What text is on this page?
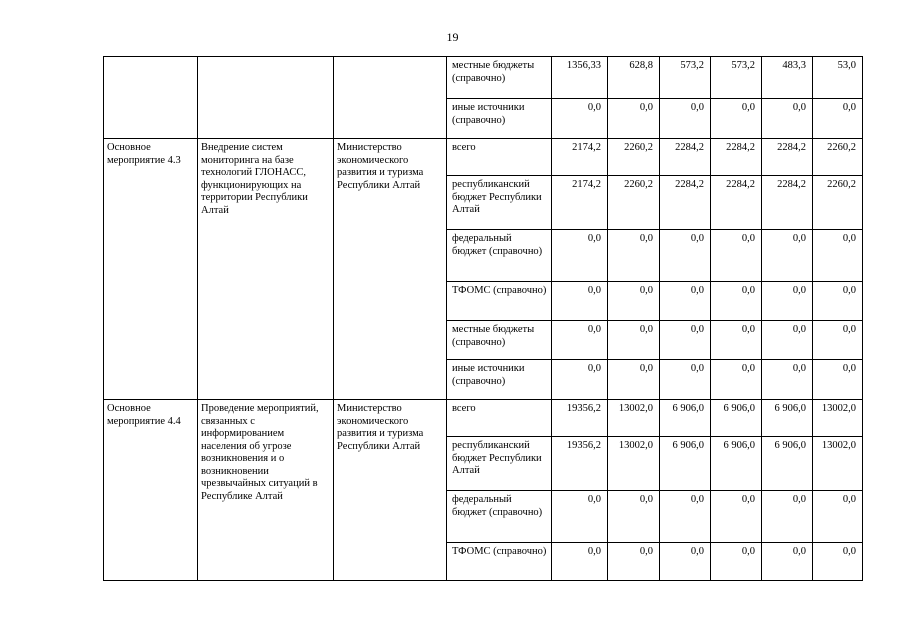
19
			местные бюджеты (справочно)	1356,33	628,8	573,2	573,2	483,3	53,0
			иные источники (справочно)	0,0	0,0	0,0	0,0	0,0	0,0
Основное мероприятие 4.3	Внедрение систем мониторинга на базе технологий ГЛОНАСС, функционирующих на территории Республики Алтай	Министерство экономического развития и туризма Республики Алтай	всего	2174,2	2260,2	2284,2	2284,2	2284,2	2260,2
			республиканский бюджет Республики Алтай	2174,2	2260,2	2284,2	2284,2	2284,2	2260,2
			федеральный бюджет (справочно)	0,0	0,0	0,0	0,0	0,0	0,0
			ТФОМС (справочно)	0,0	0,0	0,0	0,0	0,0	0,0
			местные бюджеты (справочно)	0,0	0,0	0,0	0,0	0,0	0,0
			иные источники (справочно)	0,0	0,0	0,0	0,0	0,0	0,0
Основное мероприятие 4.4	Проведение мероприятий, связанных с информированием населения об угрозе возникновения и о возникновении чрезвычайных ситуаций в Республике Алтай	Министерство экономического развития и туризма Республики Алтай	всего	19356,2	13002,0	6 906,0	6 906,0	6 906,0	13002,0
			республиканский бюджет Республики Алтай	19356,2	13002,0	6 906,0	6 906,0	6 906,0	13002,0
			федеральный бюджет (справочно)	0,0	0,0	0,0	0,0	0,0	0,0
			ТФОМС (справочно)	0,0	0,0	0,0	0,0	0,0	0,0
